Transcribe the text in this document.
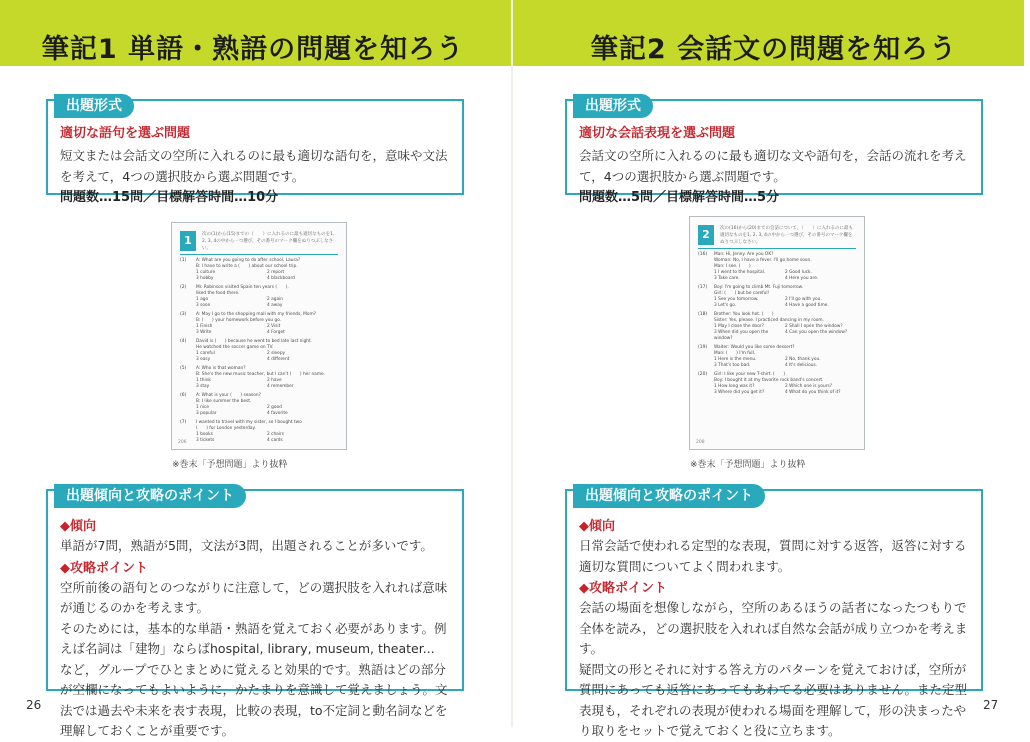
筆記1 単語・熟語の問題を知ろう
出題形式
適切な語句を選ぶ問題
短文または会話文の空所に入れるのに最も適切な語句を，意味や文法を考えて，4つの選択肢から選ぶ問題です。
問題数…15問／目標解答時間…10分
1	次の(1)から(15)までの（　　）に入れるのに最も適切なものを1, 2, 3, 4の中から一つ選び，その番号のマーク欄をぬりつぶしなさい。
(1) A: What are you going to do after school, Laura?
B: I have to write a (　　) about our school trip.
1 culture	2 report
3 hobby	4 blackboard
(2) Mr. Robinson visited Spain ten years (　　).
liked the food there.
1 ago	2 again
3 soon	4 away
(3) A: May I go to the shopping mall with my friends, Mom?
B: (　　) your homework before you go.
1 Finish	2 Visit
3 Write	4 Forget
(4) David is (　　) because he went to bed late last night.
He watched the soccer game on TV.
1 careful	2 sleepy
3 easy	4 different
(5) A: Who is that woman?
B: She's the new music teacher, but I can't (　　) her name.
1 think	2 have
3 stay	4 remember
(6) A: What is your (　　) season?
B: I like summer the best.
1 nice	2 good
3 popular	4 favorite
(7) I wanted to travel with my sister, so I bought two
(　　) for London yesterday.
1 books	2 chairs
3 tickets	4 cards
206
※巻末「予想問題」より抜粋
出題傾向と攻略のポイント
◆傾向
単語が7問，熟語が5問，文法が3問，出題されることが多いです。
◆攻略ポイント
空所前後の語句とのつながりに注意して，どの選択肢を入れれば意味が通じるのかを考えます。
そのためには，基本的な単語・熟語を覚えておく必要があります。例えば名詞は「建物」ならばhospital, library, museum, theater... など，グループでひとまとめに覚えると効果的です。熟語はどの部分が空欄になってもよいように，かたまりを意識して覚えましょう。文法では過去や未来を表す表現，比較の表現，to不定詞と動名詞などを理解しておくことが重要です。
26
筆記2 会話文の問題を知ろう
出題形式
適切な会話表現を選ぶ問題
会話文の空所に入れるのに最も適切な文や語句を，会話の流れを考えて，4つの選択肢から選ぶ問題です。
問題数…5問／目標解答時間…5分
2	次の(16)から(20)までの会話について，（　　）に入れるのに最も適切なものを1, 2, 3, 4の中から一つ選び，その番号のマーク欄をぬりつぶしなさい。
(16) Man: Hi, Jenny. Are you OK?
Woman: No, I have a fever. I'll go home soon.
Man: I see. (　　)
1 I went to the hospital.	2 Good luck.
3 Take care.	4 Here you are.
(17) Boy: I'm going to climb Mt. Fuji tomorrow.
Girl: (　　) but be careful!
1 See you tomorrow.	2 I'll go with you.
3 Let's go.	4 Have a good time.
(18) Brother: You look hot. (　　)
Sister: Yes, please. I practiced dancing in my room.
1 May I close the door?	2 Shall I open the window?
3 When did you open the window?
4 Can you open the window?
(19) Waiter: Would you like some dessert?
Man: (　　) I'm full.
1 Here is the menu.	2 No, thank you.
3 That's too bad.	4 It's delicious.
(20) Girl: I like your new T-shirt. (　　)
Boy: I bought it at my favorite rock band's concert.
1 How long was it?	2 Which one is yours?
3 Where did you get it?	4 What do you think of it?
208
※巻末「予想問題」より抜粋
出題傾向と攻略のポイント
◆傾向
日常会話で使われる定型的な表現，質問に対する返答，返答に対する適切な質問についてよく問われます。
◆攻略ポイント
会話の場面を想像しながら，空所のあるほうの話者になったつもりで全体を読み，どの選択肢を入れれば自然な会話が成り立つかを考えます。
疑問文の形とそれに対する答え方のパターンを覚えておけば，空所が質問にあっても返答にあってもあわてる必要はありません。また定型表現も，それぞれの表現が使われる場面を理解して，形の決まったやり取りをセットで覚えておくと役に立ちます。
27
